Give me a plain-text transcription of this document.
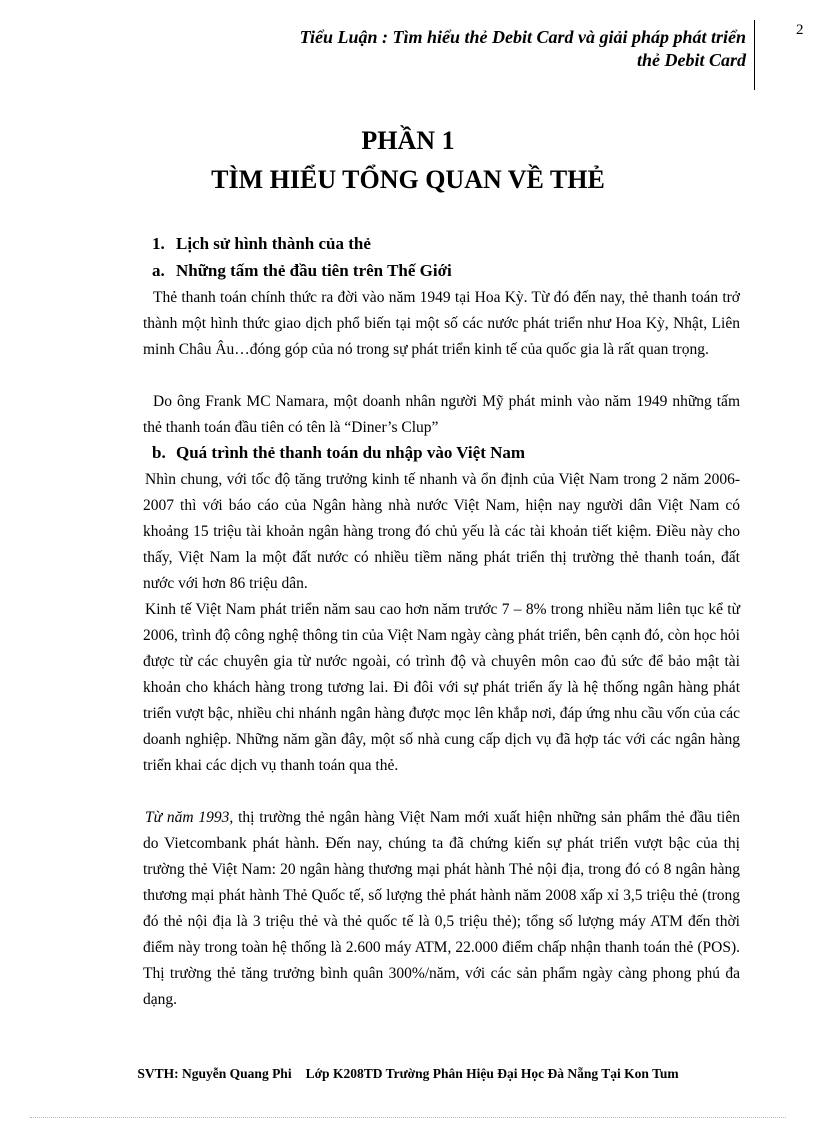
Tiểu Luận : Tìm hiểu thẻ Debit Card và giải pháp phát triển
thẻ Debit Card
2
PHẦN 1
TÌM HIỂU TỔNG QUAN VỀ THẺ
1. Lịch sử hình thành của thẻ
a. Những tấm thẻ đầu tiên trên Thế Giới

Thẻ thanh toán chính thức ra đời vào năm 1949 tại Hoa Kỳ. Từ đó đến nay, thẻ thanh toán trở thành một hình thức giao dịch phổ biến tại một số các nước phát triển như Hoa Kỳ, Nhật, Liên minh Châu Âu…đóng góp của nó trong sự phát triển kinh tế của quốc gia là rất quan trọng.

Do ông Frank MC Namara, một doanh nhân người Mỹ phát minh vào năm 1949 những tấm thẻ thanh toán đầu tiên có tên là “Diner’s Clup”

b. Quá trình thẻ thanh toán du nhập vào Việt Nam

Nhìn chung, với tốc độ tăng trưởng kinh tế nhanh và ổn định của Việt Nam trong 2 năm 2006-2007 thì với báo cáo của Ngân hàng nhà nước Việt Nam, hiện nay người dân Việt Nam có khoảng 15 triệu tài khoản ngân hàng trong đó chủ yếu là các tài khoản tiết kiệm. Điều này cho thấy, Việt Nam la một đất nước có nhiều tiềm năng phát triển thị trường thẻ thanh toán, đất nước với hơn 86 triệu dân.

Kinh tế Việt Nam phát triển năm sau cao hơn năm trước 7 – 8% trong nhiều năm liên tục kể từ 2006, trình độ công nghệ thông tin của Việt Nam ngày càng phát triển, bên cạnh đó, còn học hỏi được từ các chuyên gia từ nước ngoài, có trình độ và chuyên môn cao đủ sức để bảo mật tài khoản cho khách hàng trong tương lai. Đi đôi với sự phát triển ấy là hệ thống ngân hàng phát triển vượt bậc, nhiều chi nhánh ngân hàng được mọc lên khắp nơi, đáp ứng nhu cầu vốn của các doanh nghiệp. Những năm gần đây, một số nhà cung cấp dịch vụ đã hợp tác với các ngân hàng triển khai các dịch vụ thanh toán qua thẻ.

Từ năm 1993, thị trường thẻ ngân hàng Việt Nam mới xuất hiện những sản phẩm thẻ đầu tiên do Vietcombank phát hành. Đến nay, chúng ta đã chứng kiến sự phát triển vượt bậc của thị trường thẻ Việt Nam: 20 ngân hàng thương mại phát hành Thẻ nội địa, trong đó có 8 ngân hàng thương mại phát hành Thẻ Quốc tế, số lượng thẻ phát hành năm 2008 xấp xỉ 3,5 triệu thẻ (trong đó thẻ nội địa là 3 triệu thẻ và thẻ quốc tế là 0,5 triệu thẻ); tổng số lượng máy ATM đến thời điểm này trong toàn hệ thống là 2.600 máy ATM, 22.000 điểm chấp nhận thanh toán thẻ (POS). Thị trường thẻ tăng trưởng bình quân 300%/năm, với các sản phẩm ngày càng phong phú đa dạng.

SVTH: Nguyễn Quang Phi Lớp K208TD Trường Phân Hiệu Đại Học Đà Nẵng Tại Kon Tum
